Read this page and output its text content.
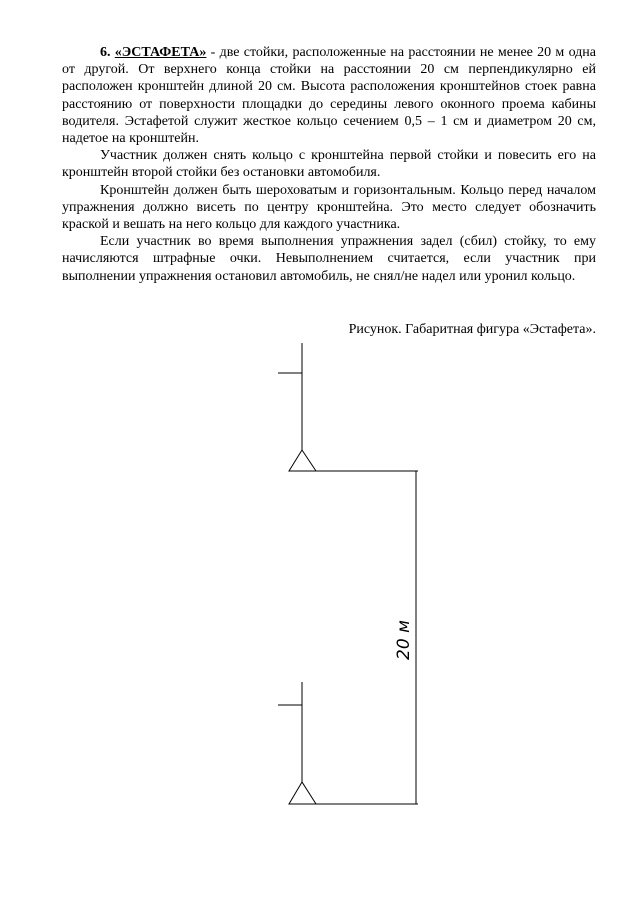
6. «ЭСТАФЕТА» - две стойки, расположенные на расстоянии не менее 20 м одна от другой. От верхнего конца стойки на расстоянии 20 см перпендикулярно ей расположен кронштейн длиной 20 см. Высота расположения кронштейнов стоек равна расстоянию от поверхности площадки до середины левого оконного проема кабины водителя. Эстафетой служит жесткое кольцо сечением 0,5 – 1 см и диаметром 20 см, надетое на кронштейн.

Участник должен снять кольцо с кронштейна первой стойки и повесить его на кронштейн второй стойки без остановки автомобиля.

Кронштейн должен быть шероховатым и горизонтальным. Кольцо перед началом упражнения должно висеть по центру кронштейна. Это место следует обозначить краской и вешать на него кольцо для каждого участника.

Если участник во время выполнения упражнения задел (сбил) стойку, то ему начисляются штрафные очки. Невыполнением считается, если участник при выполнении упражнения остановил автомобиль, не снял/не надел или уронил кольцо.

Рисунок. Габаритная фигура «Эстафета».
20 м
